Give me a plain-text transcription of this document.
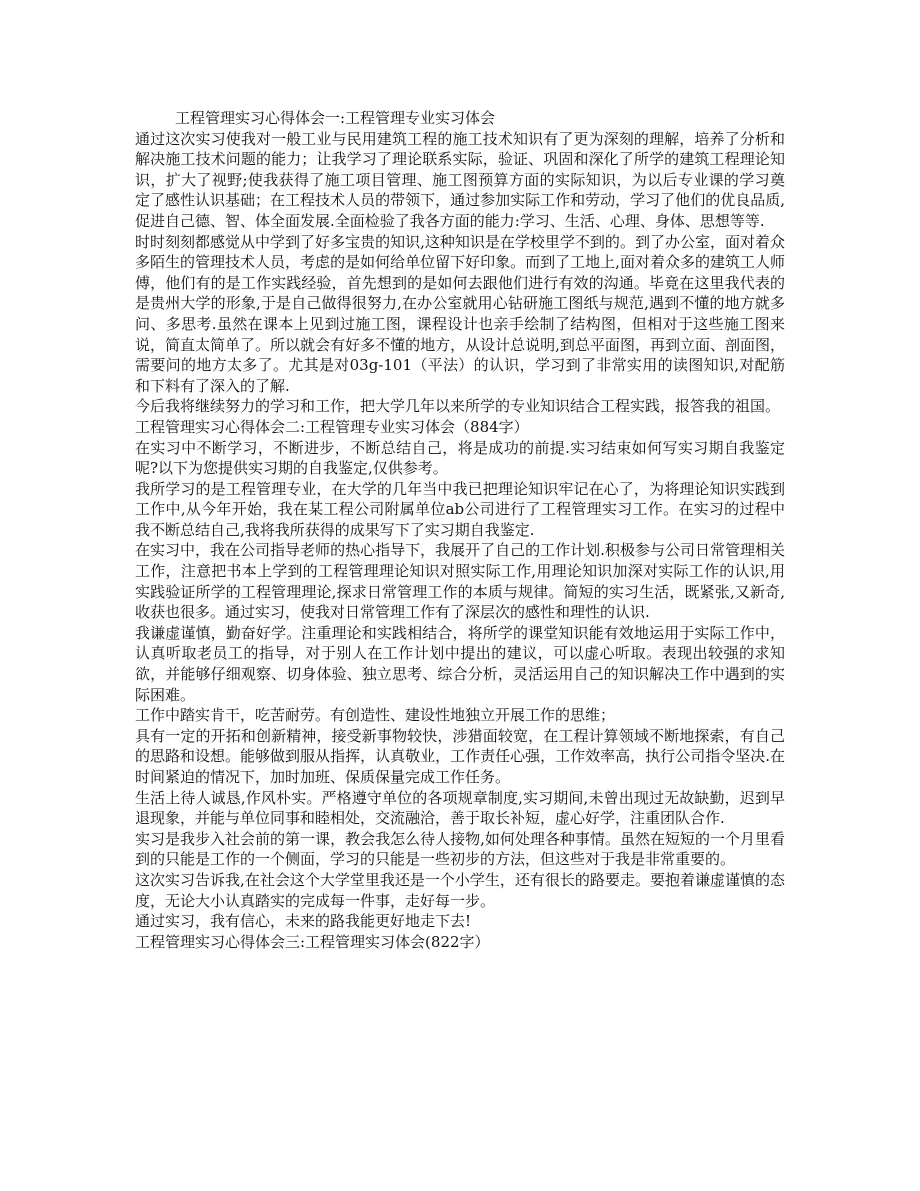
工程管理实习心得体会一:工程管理专业实习体会

通过这次实习使我对一般工业与民用建筑工程的施工技术知识有了更为深刻的理解，培养了分析和解决施工技术问题的能力；让我学习了理论联系实际，验证、巩固和深化了所学的建筑工程理论知识，扩大了视野;使我获得了施工项目管理、施工图预算方面的实际知识，为以后专业课的学习奠定了感性认识基础；在工程技术人员的带领下，通过参加实际工作和劳动，学习了他们的优良品质,促进自己德、智、体全面发展.全面检验了我各方面的能力:学习、生活、心理、身体、思想等等.

时时刻刻都感觉从中学到了好多宝贵的知识,这种知识是在学校里学不到的。到了办公室，面对着众多陌生的管理技术人员，考虑的是如何给单位留下好印象。而到了工地上,面对着众多的建筑工人师傅，他们有的是工作实践经验，首先想到的是如何去跟他们进行有效的沟通。毕竟在这里我代表的是贵州大学的形象,于是自己做得很努力,在办公室就用心钻研施工图纸与规范,遇到不懂的地方就多问、多思考.虽然在课本上见到过施工图，课程设计也亲手绘制了结构图，但相对于这些施工图来说，简直太简单了。所以就会有好多不懂的地方，从设计总说明,到总平面图，再到立面、剖面图，需要问的地方太多了。尤其是对03g-101（平法）的认识，学习到了非常实用的读图知识,对配筋和下料有了深入的了解.

今后我将继续努力的学习和工作，把大学几年以来所学的专业知识结合工程实践，报答我的祖国。

工程管理实习心得体会二:工程管理专业实习体会（884字）

在实习中不断学习，不断进步，不断总结自己，将是成功的前提.实习结束如何写实习期自我鉴定呢?以下为您提供实习期的自我鉴定,仅供参考。

我所学习的是工程管理专业，在大学的几年当中我已把理论知识牢记在心了，为将理论知识实践到工作中,从今年开始，我在某工程公司附属单位ab公司进行了工程管理实习工作。在实习的过程中我不断总结自己,我将我所获得的成果写下了实习期自我鉴定.

在实习中，我在公司指导老师的热心指导下，我展开了自己的工作计划.积极参与公司日常管理相关工作，注意把书本上学到的工程管理理论知识对照实际工作,用理论知识加深对实际工作的认识,用实践验证所学的工程管理理论,探求日常管理工作的本质与规律。简短的实习生活，既紧张,又新奇,收获也很多。通过实习，使我对日常管理工作有了深层次的感性和理性的认识.

我谦虚谨慎，勤奋好学。注重理论和实践相结合，将所学的课堂知识能有效地运用于实际工作中，认真听取老员工的指导，对于别人在工作计划中提出的建议，可以虚心听取。表现出较强的求知欲，并能够仔细观察、切身体验、独立思考、综合分析，灵活运用自己的知识解决工作中遇到的实际困难。

工作中踏实肯干，吃苦耐劳。有创造性、建设性地独立开展工作的思维；

具有一定的开拓和创新精神，接受新事物较快，涉猎面较宽，在工程计算领域不断地探索，有自己的思路和设想。能够做到服从指挥，认真敬业，工作责任心强，工作效率高，执行公司指令坚决.在时间紧迫的情况下，加时加班、保质保量完成工作任务。

生活上待人诚恳,作风朴实。严格遵守单位的各项规章制度,实习期间,未曾出现过无故缺勤，迟到早退现象，并能与单位同事和睦相处，交流融洽，善于取长补短，虚心好学，注重团队合作.

实习是我步入社会前的第一课，教会我怎么待人接物,如何处理各种事情。虽然在短短的一个月里看到的只能是工作的一个侧面，学习的只能是一些初步的方法，但这些对于我是非常重要的。

这次实习告诉我,在社会这个大学堂里我还是一个小学生，还有很长的路要走。要抱着谦虚谨慎的态度，无论大小认真踏实的完成每一件事，走好每一步。

通过实习，我有信心，未来的路我能更好地走下去!

工程管理实习心得体会三:工程管理实习体会(822字）
